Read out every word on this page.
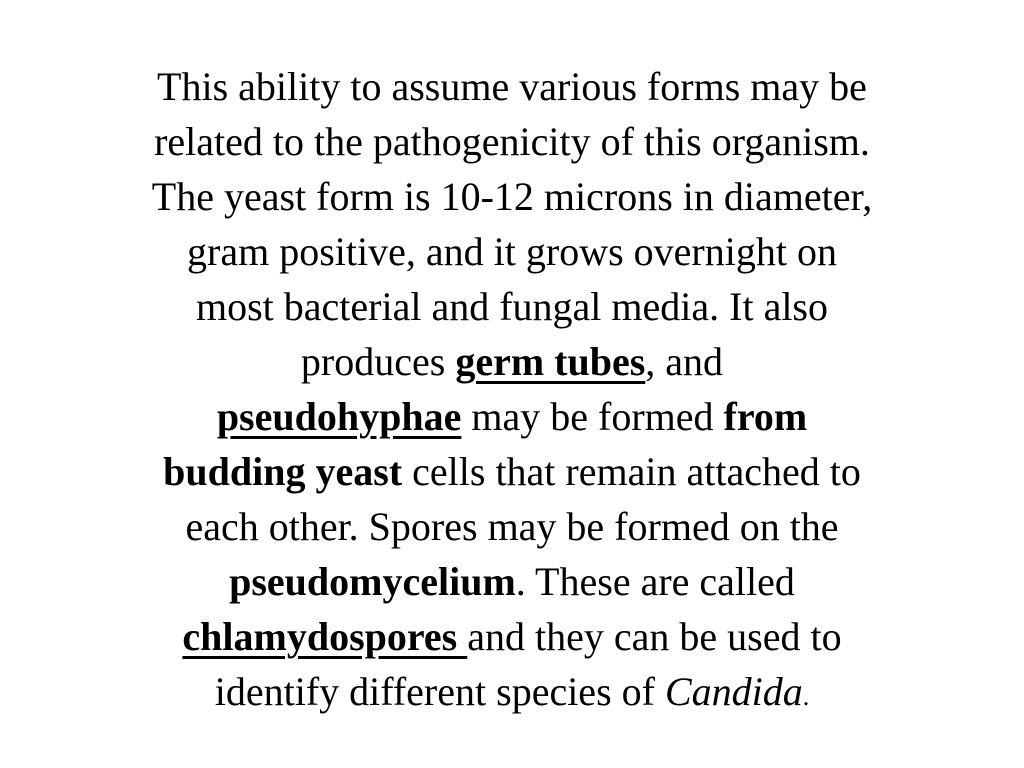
This ability to assume various forms may be
related to the pathogenicity of this organism.
The yeast form is 10-12 microns in diameter,
gram positive, and it grows overnight on
most bacterial and fungal media. It also
produces germ tubes, and
pseudohyphae may be formed from
budding yeast cells that remain attached to
each other. Spores may be formed on the
pseudomycelium. These are called
chlamydospores and they can be used to
identify different species of Candida.
